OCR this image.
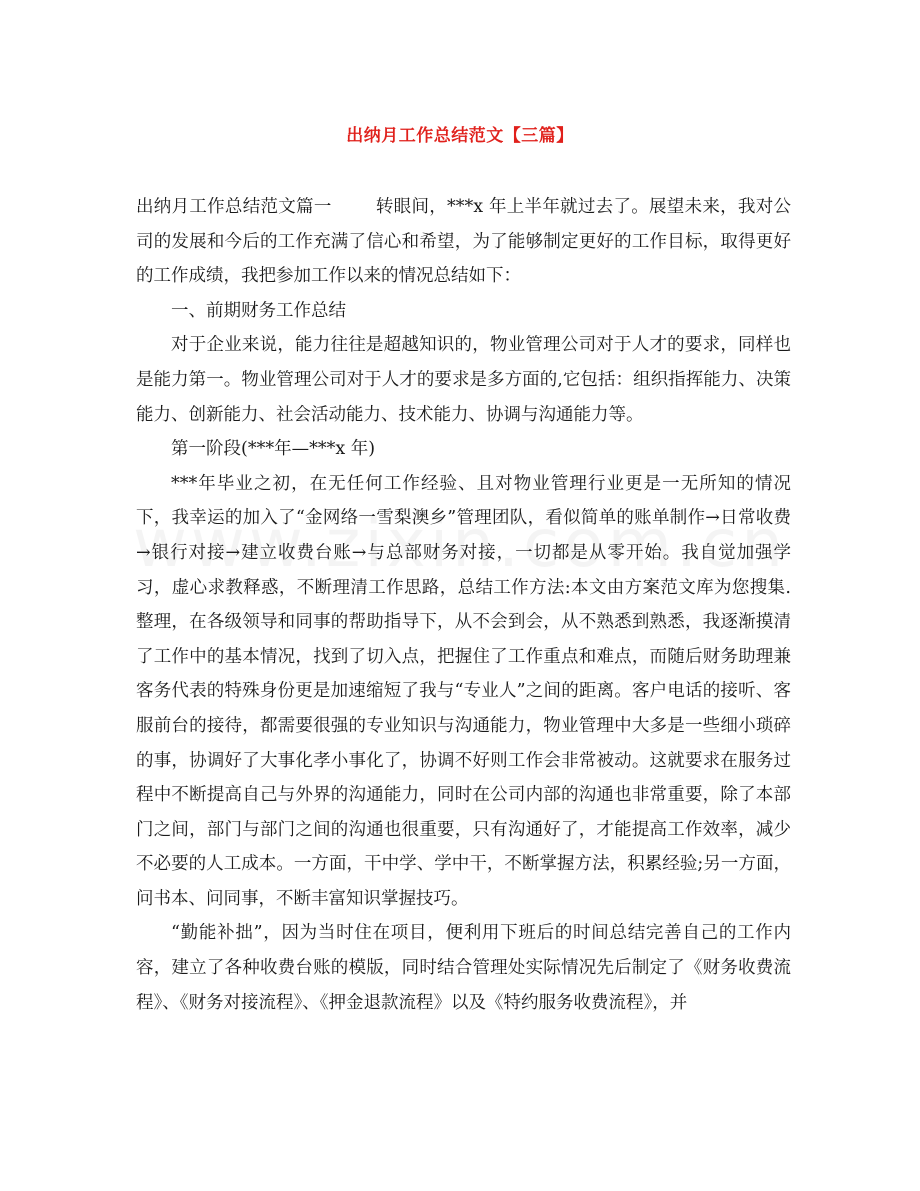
出纳月工作总结范文【三篇】

出纳月工作总结范文篇一	转眼间，***x 年上半年就过去了。展望未来，我对公司的发展和今后的工作充满了信心和希望，为了能够制定更好的工作目标，取得更好的工作成绩，我把参加工作以来的情况总结如下：

一、前期财务工作总结

对于企业来说，能力往往是超越知识的，物业管理公司对于人才的要求，同样也是能力第一。物业管理公司对于人才的要求是多方面的,它包括：组织指挥能力、决策能力、创新能力、社会活动能力、技术能力、协调与沟通能力等。

第一阶段(***年—***x 年)

***年毕业之初，在无任何工作经验、且对物业管理行业更是一无所知的情况下，我幸运的加入了“金网络一雪梨澳乡”管理团队，看似简单的账单制作→日常收费→银行对接→建立收费台账→与总部财务对接，一切都是从零开始。我自觉加强学习，虚心求教释惑，不断理清工作思路，总结工作方法:本文由方案范文库为您搜集.整理，在各级领导和同事的帮助指导下，从不会到会，从不熟悉到熟悉，我逐渐摸清了工作中的基本情况，找到了切入点，把握住了工作重点和难点，而随后财务助理兼客务代表的特殊身份更是加速缩短了我与“专业人”之间的距离。客户电话的接听、客服前台的接待，都需要很强的专业知识与沟通能力，物业管理中大多是一些细小琐碎的事，协调好了大事化孝小事化了，协调不好则工作会非常被动。这就要求在服务过程中不断提高自己与外界的沟通能力，同时在公司内部的沟通也非常重要，除了本部门之间，部门与部门之间的沟通也很重要，只有沟通好了，才能提高工作效率，减少不必要的人工成本。一方面，干中学、学中干，不断掌握方法，积累经验;另一方面，问书本、问同事，不断丰富知识掌握技巧。

“勤能补拙”，因为当时住在项目，便利用下班后的时间总结完善自己的工作内容，建立了各种收费台账的模版，同时结合管理处实际情况先后制定了《财务收费流程》、《财务对接流程》、《押金退款流程》以及《特约服务收费流程》，并
